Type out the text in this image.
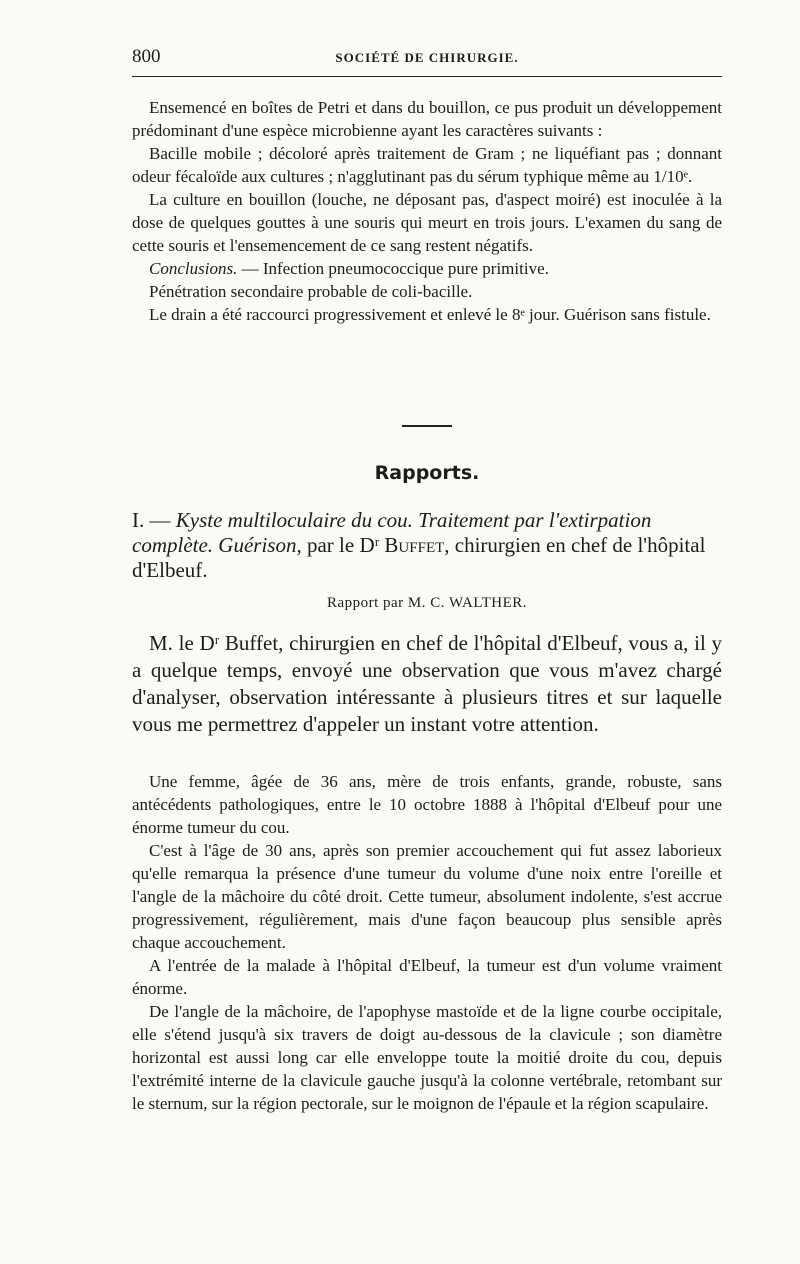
800	SOCIÉTÉ DE CHIRURGIE.

Ensemencé en boîtes de Petri et dans du bouillon, ce pus produit un développement prédominant d'une espèce microbienne ayant les caractères suivants :

Bacille mobile ; décoloré après traitement de Gram ; ne liquéfiant pas ; donnant odeur fécaloïde aux cultures ; n'agglutinant pas du sérum typhique même au 1/10ᵉ.

La culture en bouillon (louche, ne déposant pas, d'aspect moiré) est inoculée à la dose de quelques gouttes à une souris qui meurt en trois jours. L'examen du sang de cette souris et l'ensemencement de ce sang restent négatifs.

Conclusions. — Infection pneumococcique pure primitive.

Pénétration secondaire probable de coli-bacille.

Le drain a été raccourci progressivement et enlevé le 8ᵉ jour. Guérison sans fistule.

Rapports.
I. — Kyste multiloculaire du cou. Traitement par l'extirpation complète. Guérison, par le Dʳ Buffet, chirurgien en chef de l'hôpital d'Elbeuf.
Rapport par M. C. WALTHER.

M. le Dʳ Buffet, chirurgien en chef de l'hôpital d'Elbeuf, vous a, il y a quelque temps, envoyé une observation que vous m'avez chargé d'analyser, observation intéressante à plusieurs titres et sur laquelle vous me permettrez d'appeler un instant votre attention.

Une femme, âgée de 36 ans, mère de trois enfants, grande, robuste, sans antécédents pathologiques, entre le 10 octobre 1888 à l'hôpital d'Elbeuf pour une énorme tumeur du cou.

C'est à l'âge de 30 ans, après son premier accouchement qui fut assez laborieux qu'elle remarqua la présence d'une tumeur du volume d'une noix entre l'oreille et l'angle de la mâchoire du côté droit. Cette tumeur, absolument indolente, s'est accrue progressivement, régulièrement, mais d'une façon beaucoup plus sensible après chaque accouchement.

A l'entrée de la malade à l'hôpital d'Elbeuf, la tumeur est d'un volume vraiment énorme.

De l'angle de la mâchoire, de l'apophyse mastoïde et de la ligne courbe occipitale, elle s'étend jusqu'à six travers de doigt au-dessous de la clavicule ; son diamètre horizontal est aussi long car elle enveloppe toute la moitié droite du cou, depuis l'extrémité interne de la clavicule gauche jusqu'à la colonne vertébrale, retombant sur le sternum, sur la région pectorale, sur le moignon de l'épaule et la région scapulaire.
